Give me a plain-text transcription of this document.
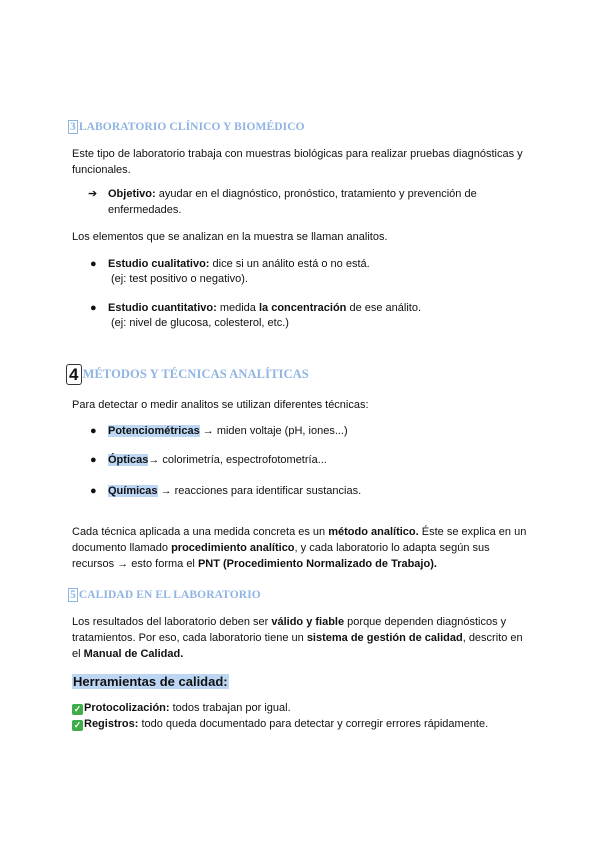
3 LABORATORIO CLÍNICO Y BIOMÉDICO
Este tipo de laboratorio trabaja con muestras biológicas para realizar pruebas diagnósticas y funcionales.
➔ Objetivo: ayudar en el diagnóstico, pronóstico, tratamiento y prevención de enfermedades.
Los elementos que se analizan en la muestra se llaman analitos.
● Estudio cualitativo: dice si un análito está o no está.
(ej: test positivo o negativo).
● Estudio cuantitativo: medida la concentración de ese análito.
(ej: nivel de glucosa, colesterol, etc.)
4 MÉTODOS Y TÉCNICAS ANALÍTICAS
Para detectar o medir analitos se utilizan diferentes técnicas:
● Potenciométricas → miden voltaje (pH, iones...)
● Ópticas→ colorimetría, espectrofotometría...
● Químicas → reacciones para identificar sustancias.
Cada técnica aplicada a una medida concreta es un método analítico. Éste se explica en un documento llamado procedimiento analítico, y cada laboratorio lo adapta según sus recursos → esto forma el PNT (Procedimiento Normalizado de Trabajo).
5 CALIDAD EN EL LABORATORIO
Los resultados del laboratorio deben ser válido y fiable porque dependen diagnósticos y tratamientos. Por eso, cada laboratorio tiene un sistema de gestión de calidad, descrito en el Manual de Calidad.
Herramientas de calidad:
✓ Protocolización: todos trabajan por igual.
✓ Registros: todo queda documentado para detectar y corregir errores rápidamente.
